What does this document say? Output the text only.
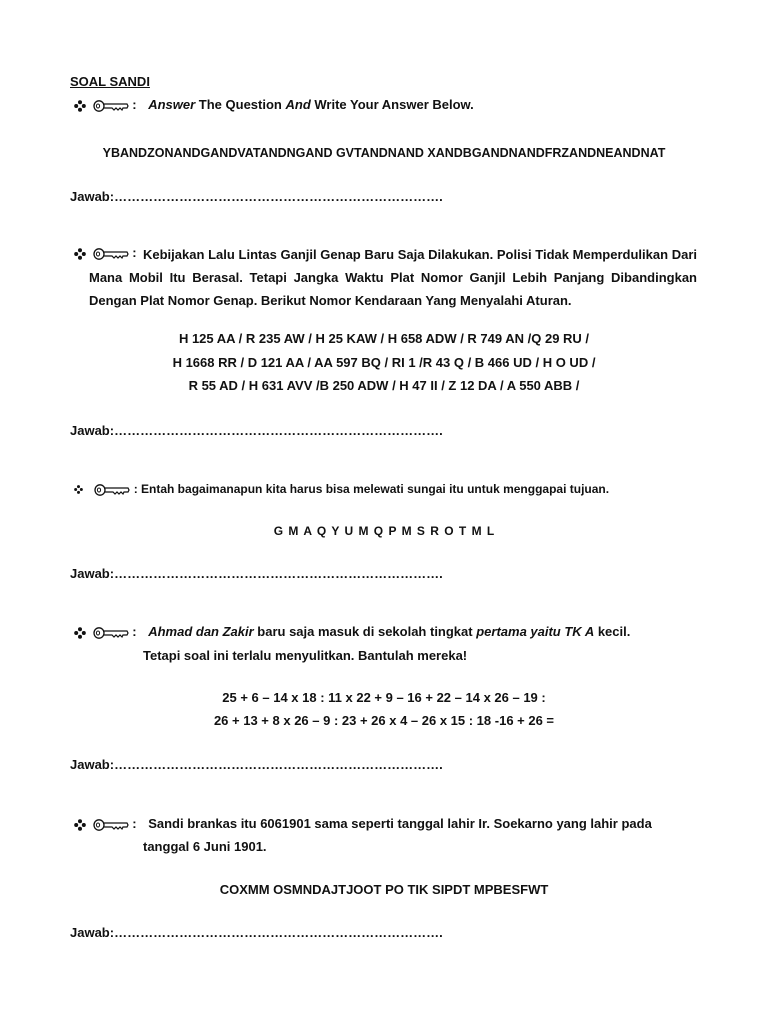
SOAL SANDI
: Answer The Question And Write Your Answer Below.
YBANDZONANDGANDVATANDNGAND GVTANDNAND XANDBGANDNANDFRZANDNEANDNAT
Jawab:………………………………………………………………….
: Kebijakan Lalu Lintas Ganjil Genap Baru Saja Dilakukan. Polisi Tidak Memperdulikan Dari Mana Mobil Itu Berasal. Tetapi Jangka Waktu Plat Nomor Ganjil Lebih Panjang Dibandingkan Dengan Plat Nomor Genap. Berikut Nomor Kendaraan Yang Menyalahi Aturan.
H 125 AA / R 235 AW / H 25 KAW / H 658 ADW / R 749 AN /Q 29 RU /
H 1668 RR / D 121 AA / AA 597 BQ / RI 1 /R 43 Q / B 466 UD / H O UD /
R 55 AD / H 631 AVV /B 250 ADW / H 47 II / Z 12 DA / A 550 ABB /
Jawab:………………………………………………………………….
: Entah bagaimanapun kita harus bisa melewati sungai itu untuk menggapai tujuan.
G M A Q Y U M Q P M S R O T M L
Jawab:………………………………………………………………….
: Ahmad dan Zakir baru saja masuk di sekolah tingkat pertama yaitu TK A kecil.
Tetapi soal ini terlalu menyulitkan. Bantulah mereka!
25 + 6 – 14 x 18 : 11 x 22 + 9 – 16 + 22 – 14 x 26 – 19 :
26 + 13 + 8 x 26 – 9 : 23 + 26 x 4 – 26 x 15 : 18 -16 + 26 =
Jawab:………………………………………………………………….
: Sandi brankas itu 6061901 sama seperti tanggal lahir Ir. Soekarno yang lahir pada
tanggal 6 Juni 1901.
COXMM OSMNDAJTJOOT PO TIK SIPDT MPBESFWT
Jawab:………………………………………………………………….
